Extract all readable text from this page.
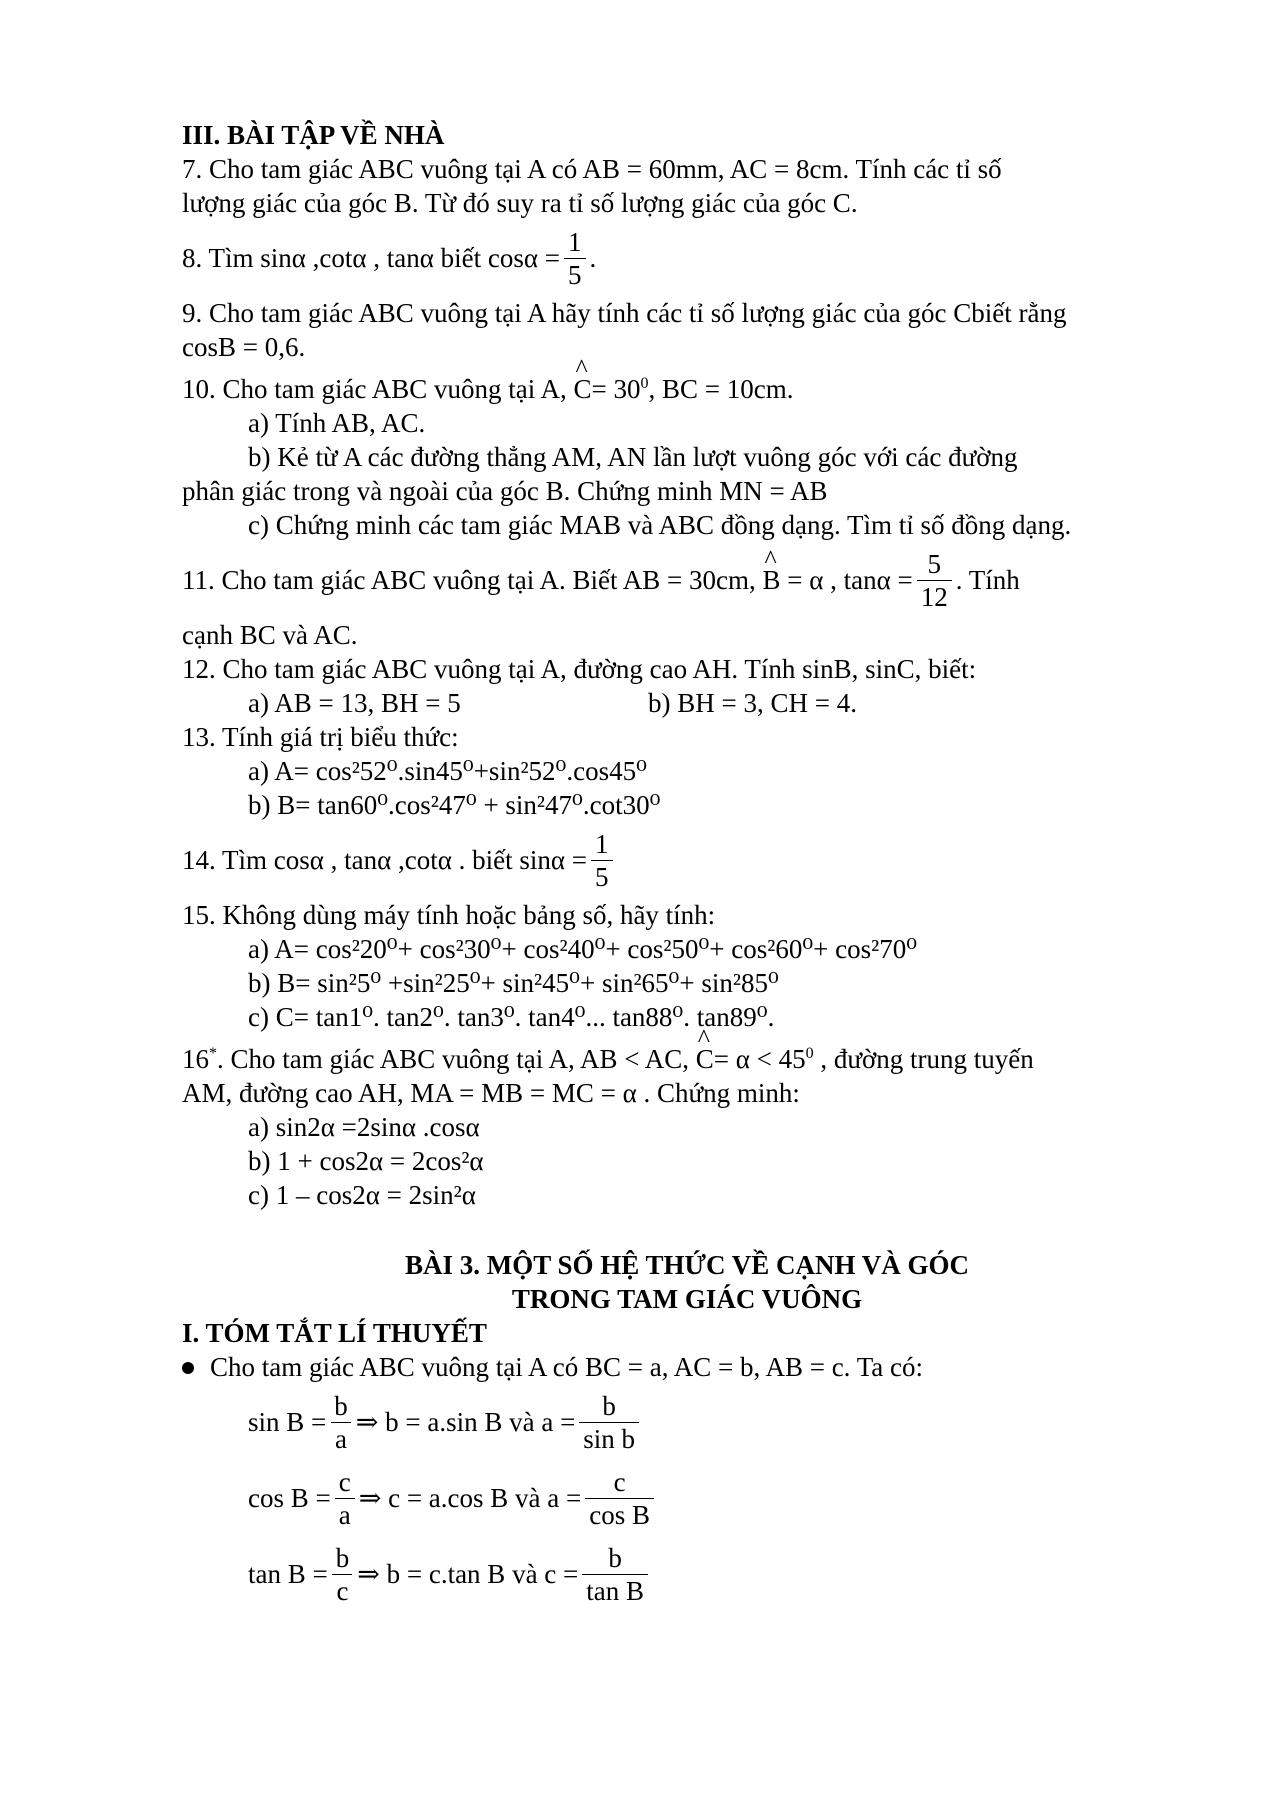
III. BÀI TẬP VỀ NHÀ
7. Cho tam giác ABC vuông tại A có AB = 60mm, AC = 8cm. Tính các tỉ số
lượng giác của góc B. Từ đó suy ra tỉ số lượng giác của góc C.
8. Tìm sinα ,cotα , tanα biết $\cos\alpha = \frac{1}{5}$ .
9. Cho tam giác ABC vuông tại A hãy tính các tỉ số lượng giác của góc Cbiết rằng
cosB = 0,6.
10. Cho tam giác ABC vuông tại A, ^ $C= 30^0$, BC = 10cm.
a) Tính AB, AC.
b) Kẻ từ A các đường thẳng AM, AN lần lượt vuông góc với các đường
phân giác trong và ngoài của góc B. Chứng minh MN = AB
c) Chứng minh các tam giác MAB và ABC đồng dạng. Tìm tỉ số đồng dạng.
11. Cho tam giác ABC vuông tại A. Biết AB = 30cm,
^ B
= α , $\tan\alpha = \frac{5}{12}$ . Tính
cạnh BC và AC.
12. Cho tam giác ABC vuông tại A, đường cao AH. Tính sinB, sinC, biết:
a) AB = 13, BH = 5	b) BH = 3, CH = 4.
13. Tính giá trị biểu thức:
a) A= cos²52⁰.sin45⁰+sin²52⁰.cos45⁰
b) B= tan60⁰.cos²47⁰ + sin²47⁰.cot30⁰
14. Tìm cosα , tanα ,cotα . biết $\sin\alpha = \frac{1}{5}$
15. Không dùng máy tính hoặc bảng số, hãy tính:
a) A= cos²20⁰+ cos²30⁰+ cos²40⁰+ cos²50⁰+ cos²60⁰+ cos²70⁰
b) B= sin²5⁰ +sin²25⁰+ sin²45⁰+ sin²65⁰+ sin²85⁰
c) C= tan1⁰. tan2⁰. tan3⁰. tan4⁰... tan88⁰. tan89⁰.
16*. Cho tam giác ABC vuông tại A, AB < AC, ^ $C= \alpha < 45^0$ , đường trung tuyến
AM, đường cao AH, MA = MB = MC = α . Chứng minh:
a) sin2α =2sinα .cosα
b) 1 + cos2α = 2cos²α
c) 1 – cos2α = 2sin²α
BÀI 3. MỘT SỐ HỆ THỨC VỀ CẠNH VÀ GÓC
TRONG TAM GIÁC VUÔNG
I. TÓM TẮT LÍ THUYẾT
Cho tam giác ABC vuông tại A có BC = a, AC = b, AB = c. Ta có:
$\sin B = \frac{b}{a}$ ⇒ b = a.sin B và $a = \frac{b}{\text{sin b}}$
$\cos B = \frac{c}{a}$ ⇒ c = a.cos B và $a = \frac{c}{\text{cos B}}$
$\tan B = \frac{b}{c}$ ⇒ b = c.tan B và $c = \frac{b}{\text{tan B}}$
